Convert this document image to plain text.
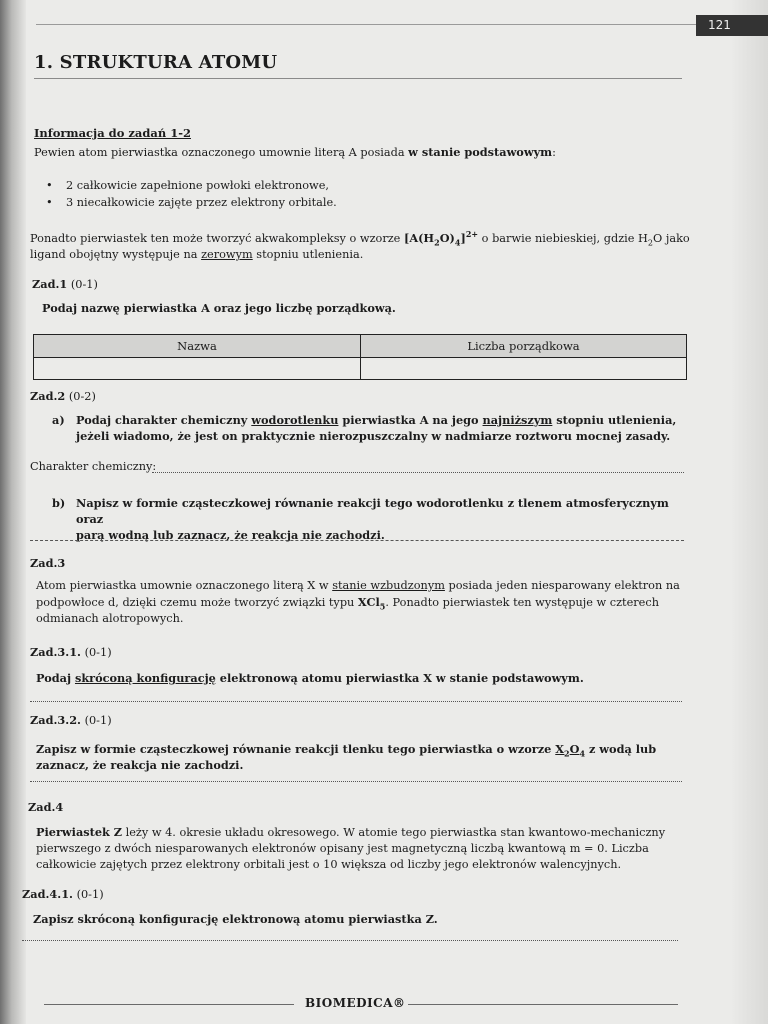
121
1. STRUKTURA ATOMU
Informacja do zadań 1-2
Pewien atom pierwiastka oznaczonego umownie literą A posiada w stanie podstawowym:
• 2 całkowicie zapełnione powłoki elektronowe,
• 3 niecałkowicie zajęte przez elektrony orbitale.
Ponadto pierwiastek ten może tworzyć akwakompleksy o wzorze $[A(H_2O)_4]^{2+}$ o barwie niebieskiej, gdzie $H_2O$ jako
ligand obojętny występuje na zerowym stopniu utlenienia.
Zad.1 (0-1)
Podaj nazwę pierwiastka A oraz jego liczbę porządkową.
Nazwa	Liczba porządkowa

Zad.2 (0-2)
a) Podaj charakter chemiczny wodorotlenku pierwiastka A na jego najniższym stopniu utlenienia,
jeżeli wiadomo, że jest on praktycznie nierozpuszczalny w nadmiarze roztworu mocnej zasady.
Charakter chemiczny:
b) Napisz w formie cząsteczkowej równanie reakcji tego wodorotlenku z tlenem atmosferycznym oraz
parą wodną lub zaznacz, że reakcja nie zachodzi.
Zad.3
Atom pierwiastka umownie oznaczonego literą X w stanie wzbudzonym posiada jeden niesparowany elektron na
podpowłoce d, dzięki czemu może tworzyć związki typu XCl$_5$. Ponadto pierwiastek ten występuje w czterech
odmianach alotropowych.
Zad.3.1. (0-1)
Podaj skróconą konfigurację elektronową atomu pierwiastka X w stanie podstawowym.
Zad.3.2. (0-1)
Zapisz w formie cząsteczkowej równanie reakcji tlenku tego pierwiastka o wzorze $X_2O_4$ z wodą lub
zaznacz, że reakcja nie zachodzi.
Zad.4
Pierwiastek Z leży w 4. okresie układu okresowego. W atomie tego pierwiastka stan kwantowo-mechaniczny
pierwszego z dwóch niesparowanych elektronów opisany jest magnetyczną liczbą kwantową m = 0. Liczba
całkowicie zajętych przez elektrony orbitali jest o 10 większa od liczby jego elektronów walencyjnych.
Zad.4.1. (0-1)
Zapisz skróconą konfigurację elektronową atomu pierwiastka Z.
BIOMEDICA®
